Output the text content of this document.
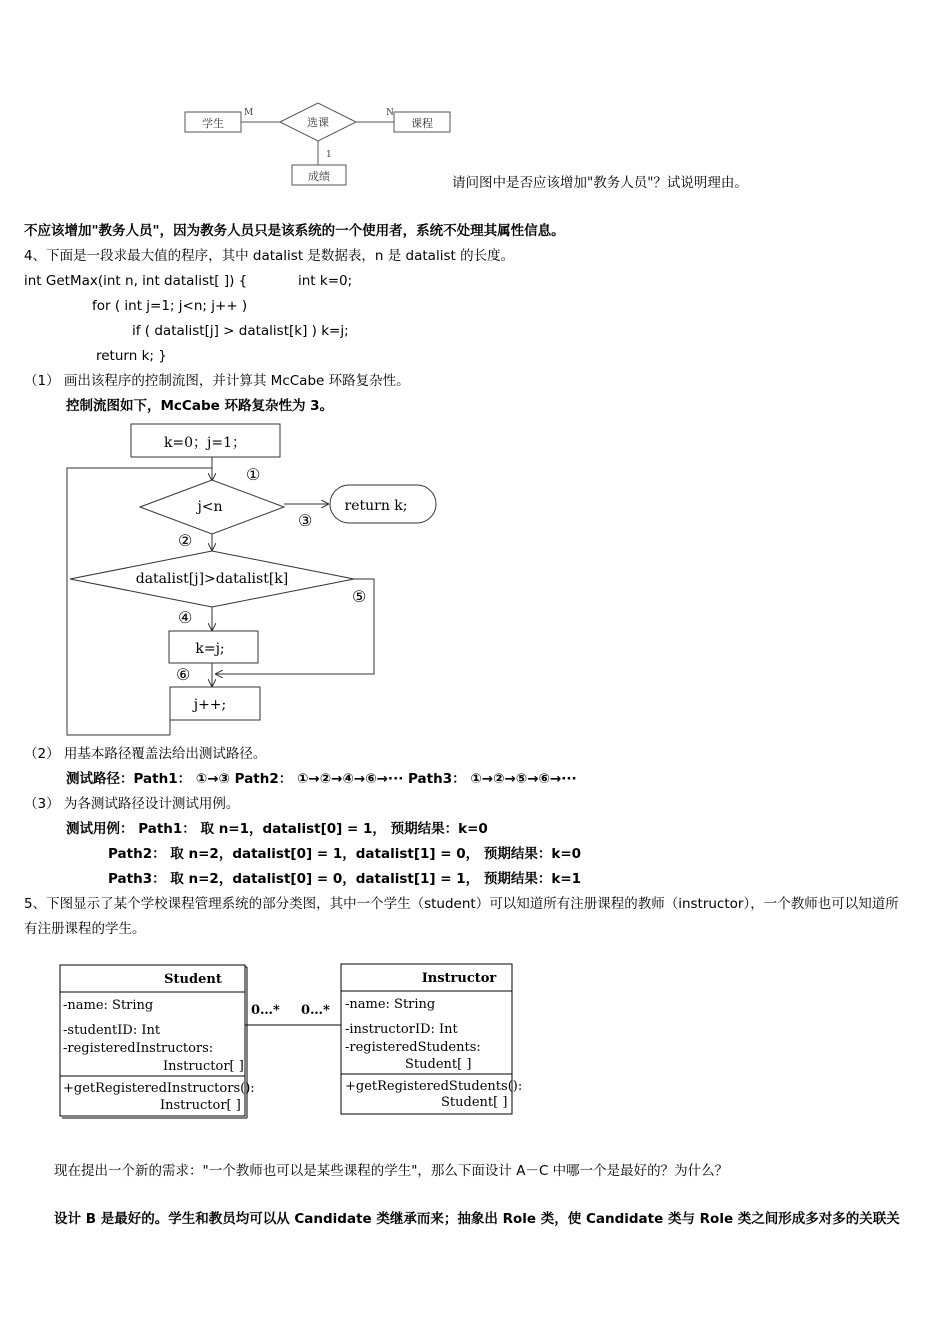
学生
M
选课
N
课程
1
成绩	请问图中是否应该增加"教务人员"？试说明理由。
不应该增加"教务人员"，因为教务人员只是该系统的一个使用者，系统不处理其属性信息。
4、下面是一段求最大值的程序，其中 datalist 是数据表，n 是 datalist 的长度。
int GetMax(int n, int datalist[ ]) {	int k=0;
for ( int j=1; j<n; j++ )
if ( datalist[j] > datalist[k] ) k=j;
return k; }
（1） 画出该程序的控制流图，并计算其 McCabe 环路复杂性。
控制流图如下，McCabe 环路复杂性为 3。
k=0；j=1；
①
j<n
③
return k;
②
datalist[j]>datalist[k]
④
⑤
k=j;
⑥
j++;
（2） 用基本路径覆盖法给出测试路径。
测试路径：Path1： ①→③ Path2： ①→②→④→⑥→··· Path3： ①→②→⑤→⑥→···
（3） 为各测试路径设计测试用例。
测试用例： Path1： 取 n=1，datalist[0] = 1， 预期结果：k=0
Path2： 取 n=2，datalist[0] = 1，datalist[1] = 0， 预期结果：k=0
Path3： 取 n=2，datalist[0] = 0，datalist[1] = 1， 预期结果：k=1
5、下图显示了某个学校课程管理系统的部分类图，其中一个学生（student）可以知道所有注册课程的教师（instructor），一个教师也可以知道所
有注册课程的学生。
Student
-name: String
-studentID: Int
-registeredInstructors:
Instructor[ ]
+getRegisteredInstructors():
Instructor[ ]
0…* 0…*
Instructor
-name: String
-instructorID: Int
-registeredStudents:
Student[ ]
+getRegisteredStudents():
Student[ ]
现在提出一个新的需求："一个教师也可以是某些课程的学生"，那么下面设计 A－C 中哪一个是最好的？为什么？
设计 B 是最好的。学生和教员均可以从 Candidate 类继承而来；抽象出 Role 类，使 Candidate 类与 Role 类之间形成多对多的关联关
